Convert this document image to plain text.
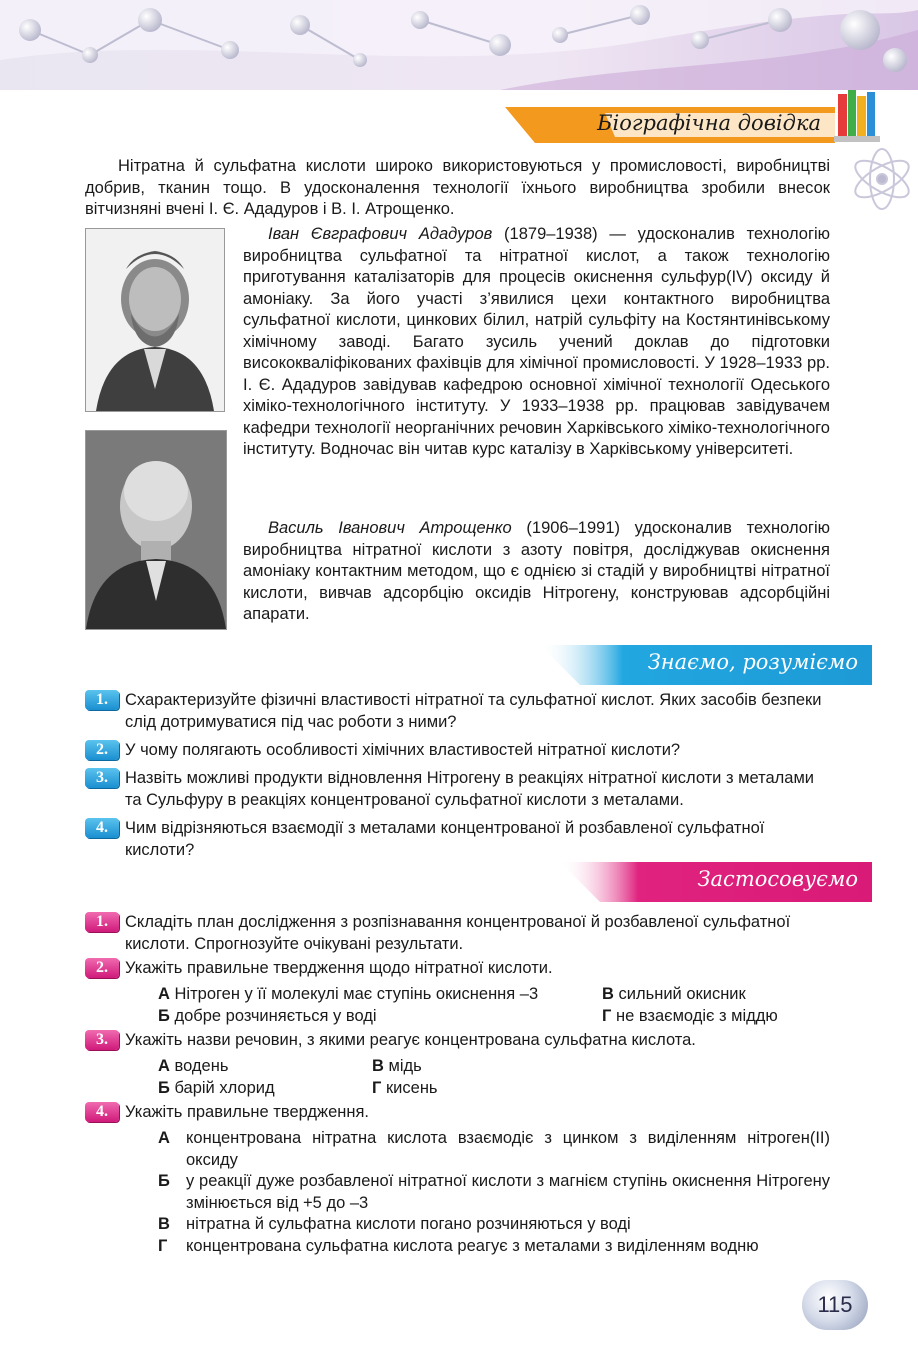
Біографічна довідка

Нітратна й сульфатна кислоти широко використовуються у промисловості, виробництві добрив, тканин тощо. В удосконалення технології їхнього виробництва зробили внесок вітчизняні вчені І. Є. Ададуров і В. І. Атрощенко.

Іван Євграфович Ададуров (1879–1938) — удосконалив технологію виробництва сульфатної та нітратної кислот, а також технологію приготування каталізаторів для процесів окиснення сульфур(IV) оксиду й амоніаку. За його участі з’явилися цехи контактного виробництва сульфатної кислоти, цинкових білил, натрій сульфіту на Костянтинівському хімічному заводі. Багато зусиль учений доклав до підготовки висококваліфікованих фахівців для хімічної промисловості. У 1928–1933 рр. І. Є. Ададуров завідував кафедрою основної хімічної технології Одеського хіміко-технологічного інституту. У 1933–1938 рр. працював завідувачем кафедри технології неорганічних речовин Харківського хіміко-технологічного інституту. Водночас він читав курс каталізу в Харківському університеті.

Василь Іванович Атрощенко (1906–1991) удосконалив технологію виробництва нітратної кислоти з азоту повітря, досліджував окиснення амоніаку контактним методом, що є однією зі стадій у виробництві нітратної кислоти, вивчав адсорбцію оксидів Нітрогену, конструював адсорбційні апарати.

Знаємо, розуміємо
1.	Схарактеризуйте фізичні властивості нітратної та сульфатної кислот. Яких засобів безпеки слід дотримуватися під час роботи з ними?
2.	У чому полягають особливості хімічних властивостей нітратної кислоти?
3.	Назвіть можливі продукти відновлення Нітрогену в реакціях нітратної кислоти з металами та Сульфуру в реакціях концентрованої сульфатної кислоти з металами.
4.	Чим відрізняються взаємодії з металами концентрованої й розбавленої сульфатної кислоти?
Застосовуємо
1.	Складіть план дослідження з розпізнавання концентрованої й розбавленої сульфатної кислоти. Спрогнозуйте очікувані результати.
2.	Укажіть правильне твердження щодо нітратної кислоти.
А Нітроген у її молекулі має ступінь окиснення –3	В сильний окисник
Б добре розчиняється у воді	Г не взаємодіє з міддю
3.	Укажіть назви речовин, з якими реагує концентрована сульфатна кислота.
А водень	В мідь
Б барій хлорид	Г кисень
4.	Укажіть правильне твердження.
А концентрована нітратна кислота взаємодіє з цинком з виділенням нітроген(II) оксиду
Б у реакції дуже розбавленої нітратної кислоти з магнієм ступінь окиснення Нітрогену змінюється від +5 до –3
В нітратна й сульфатна кислоти погано розчиняються у воді
Г	концентрована сульфатна кислота реагує з металами з виділенням водню
115
